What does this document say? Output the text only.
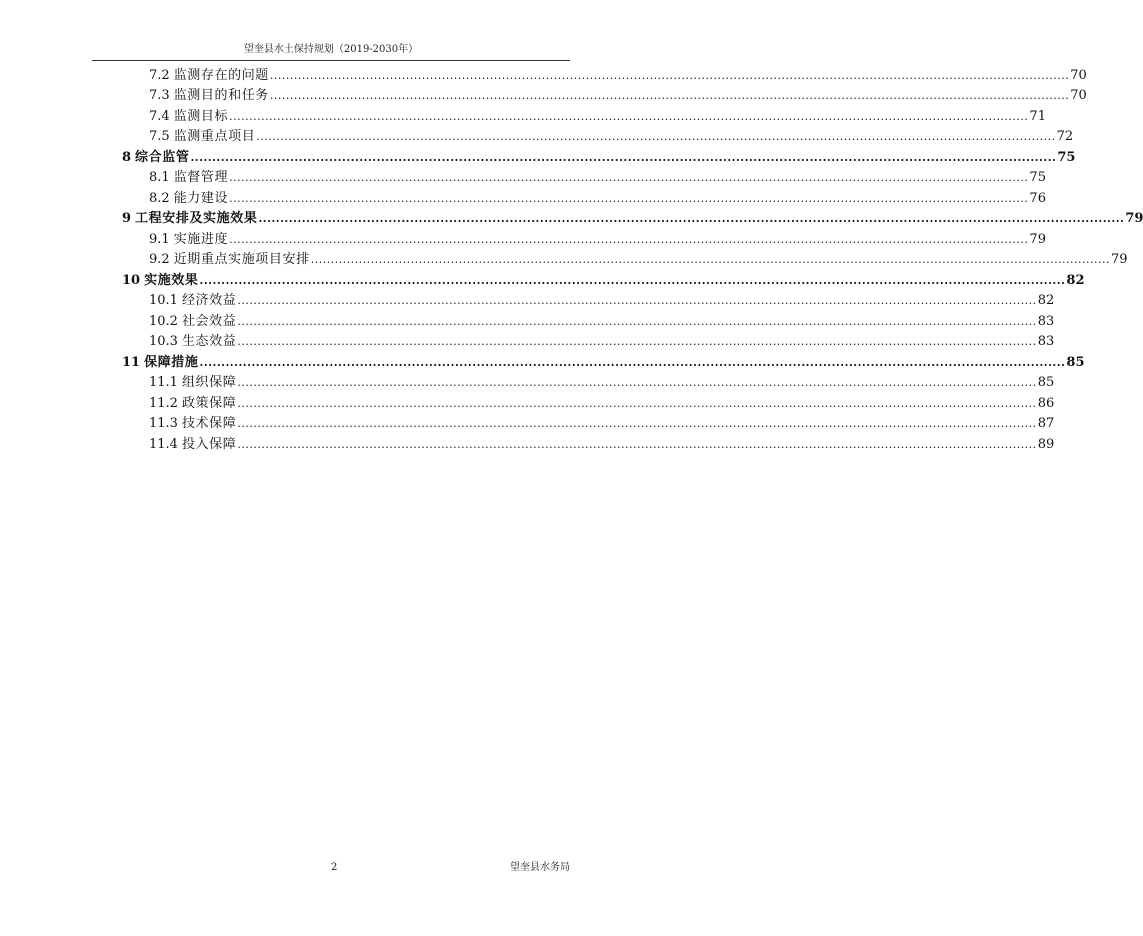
望奎县水土保持规划（2019-2030年）
7.2 监测存在的问题 ........................................................................................................................................................................................................ 70
7.3 监测目的和任务 ........................................................................................................................................................................................................ 70
7.4 监测目标 ........................................................................................................................................................................................................ 71
7.5 监测重点项目 ........................................................................................................................................................................................................ 72
8 综合监管 ........................................................................................................................................................................................................ 75
8.1 监督管理 ........................................................................................................................................................................................................ 75
8.2 能力建设 ........................................................................................................................................................................................................ 76
9 工程安排及实施效果 ........................................................................................................................................................................................................ 79
9.1 实施进度 ........................................................................................................................................................................................................ 79
9.2 近期重点实施项目安排 ........................................................................................................................................................................................................ 79
10 实施效果 ........................................................................................................................................................................................................ 82
10.1 经济效益 ........................................................................................................................................................................................................ 82
10.2 社会效益 ........................................................................................................................................................................................................ 83
10.3 生态效益 ........................................................................................................................................................................................................ 83
11 保障措施 ........................................................................................................................................................................................................ 85
11.1 组织保障 ........................................................................................................................................................................................................ 85
11.2 政策保障 ........................................................................................................................................................................................................ 86
11.3 技术保障 ........................................................................................................................................................................................................ 87
11.4 投入保障 ........................................................................................................................................................................................................ 89
2	望奎县水务局
